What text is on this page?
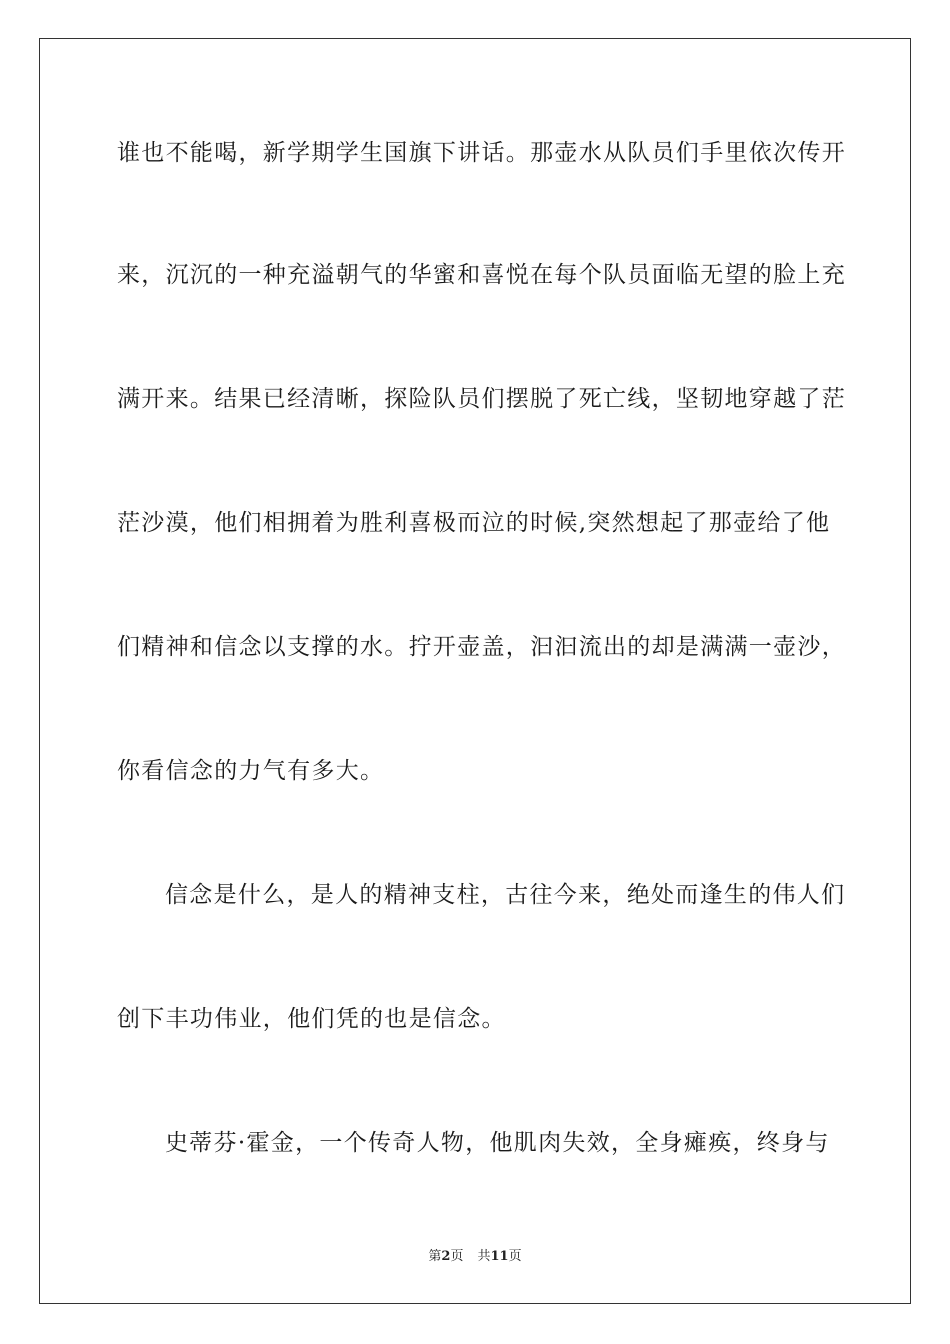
谁也不能喝，新学期学生国旗下讲话。那壶水从队员们手里依次传开
来，沉沉的一种充溢朝气的华蜜和喜悦在每个队员面临无望的脸上充
满开来。结果已经清晰，探险队员们摆脱了死亡线，坚韧地穿越了茫
茫沙漠，他们相拥着为胜利喜极而泣的时候,突然想起了那壶给了他
们精神和信念以支撑的水。拧开壶盖，汩汩流出的却是满满一壶沙，
你看信念的力气有多大。
信念是什么，是人的精神支柱，古往今来，绝处而逢生的伟人们
创下丰功伟业，他们凭的也是信念。
史蒂芬·霍金，一个传奇人物，他肌肉失效，全身瘫痪，终身与
第2页 共11页
